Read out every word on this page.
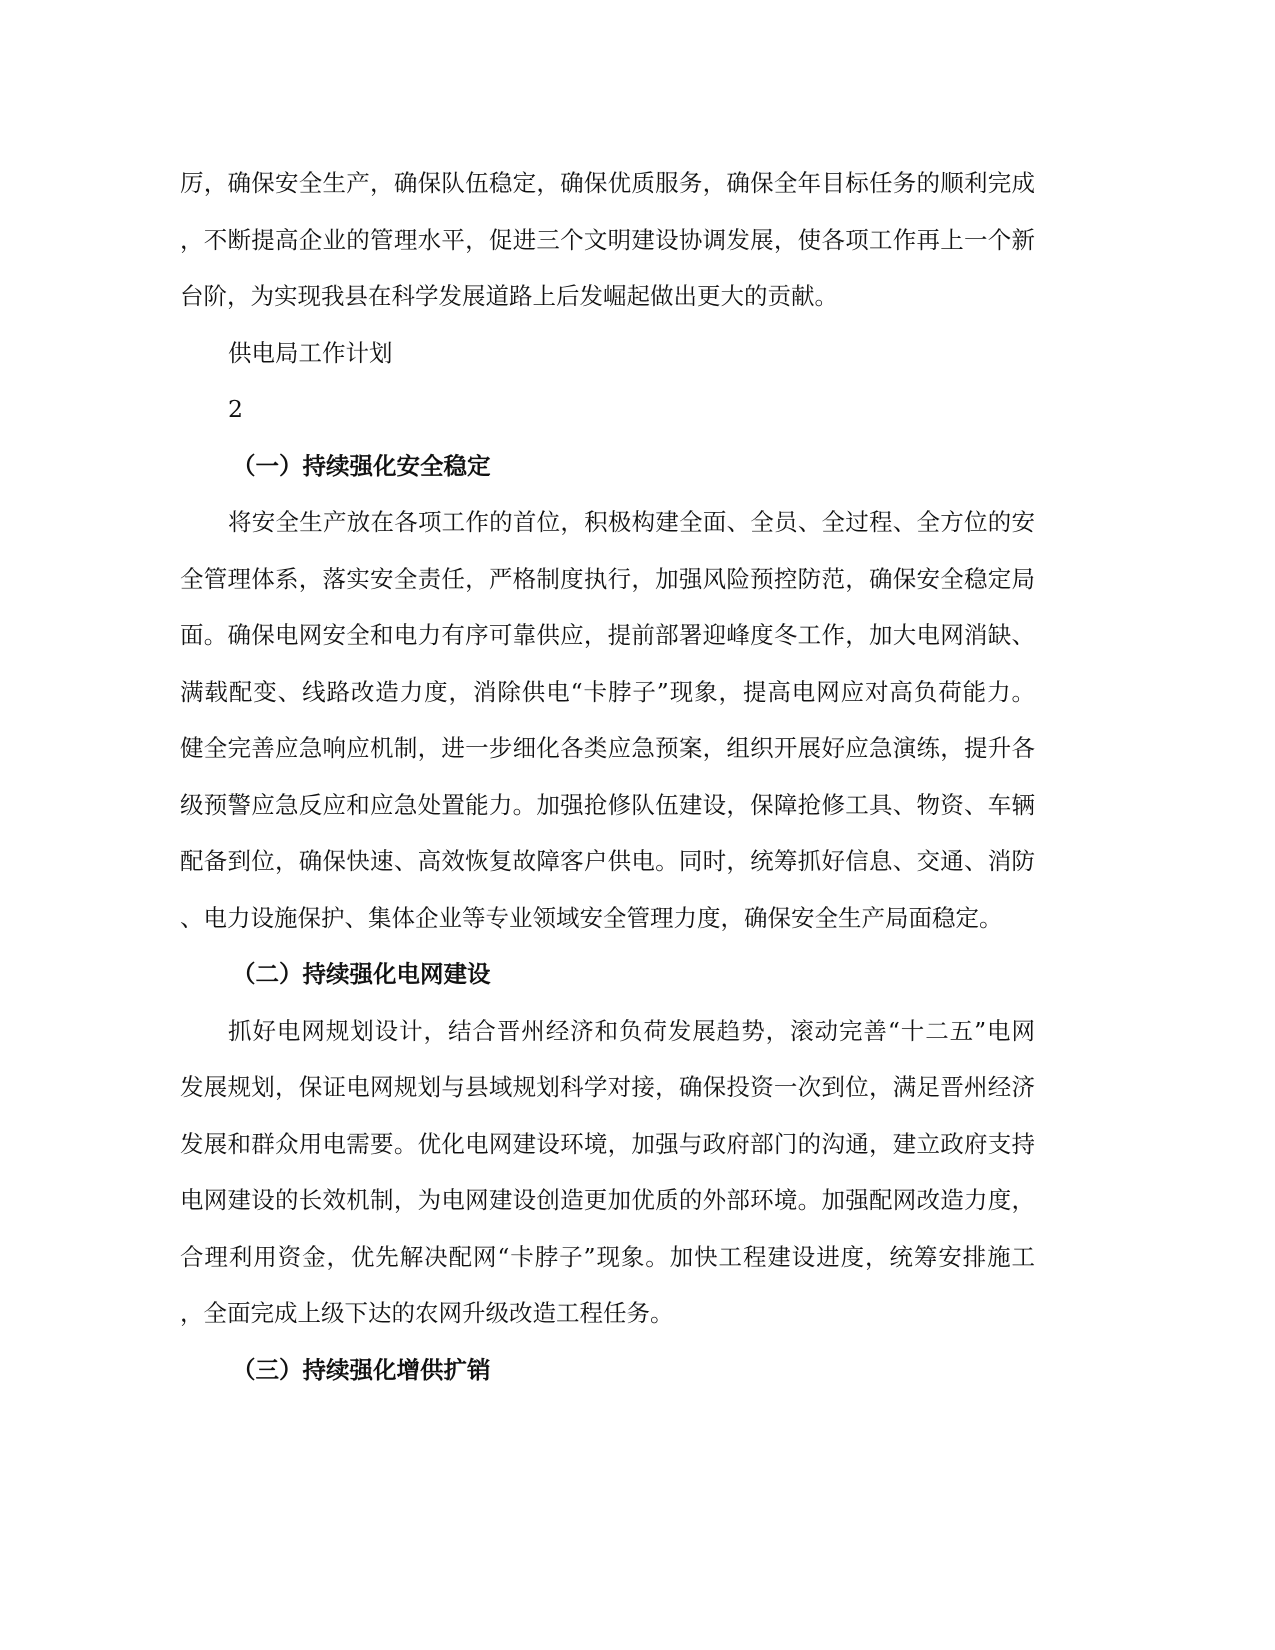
厉，确保安全生产，确保队伍稳定，确保优质服务，确保全年目标任务的顺利完成
，不断提高企业的管理水平，促进三个文明建设协调发展，使各项工作再上一个新
台阶，为实现我县在科学发展道路上后发崛起做出更大的贡献。
供电局工作计划
2
（一）持续强化安全稳定
将安全生产放在各项工作的首位，积极构建全面、全员、全过程、全方位的安
全管理体系，落实安全责任，严格制度执行，加强风险预控防范，确保安全稳定局
面。确保电网安全和电力有序可靠供应，提前部署迎峰度冬工作，加大电网消缺、
满载配变、线路改造力度，消除供电“卡脖子”现象，提高电网应对高负荷能力。
健全完善应急响应机制，进一步细化各类应急预案，组织开展好应急演练，提升各
级预警应急反应和应急处置能力。加强抢修队伍建设，保障抢修工具、物资、车辆
配备到位，确保快速、高效恢复故障客户供电。同时，统筹抓好信息、交通、消防
、电力设施保护、集体企业等专业领域安全管理力度，确保安全生产局面稳定。
（二）持续强化电网建设
抓好电网规划设计，结合晋州经济和负荷发展趋势，滚动完善“十二五”电网
发展规划，保证电网规划与县域规划科学对接，确保投资一次到位，满足晋州经济
发展和群众用电需要。优化电网建设环境，加强与政府部门的沟通，建立政府支持
电网建设的长效机制，为电网建设创造更加优质的外部环境。加强配网改造力度，
合理利用资金，优先解决配网“卡脖子”现象。加快工程建设进度，统筹安排施工
，全面完成上级下达的农网升级改造工程任务。
（三）持续强化增供扩销
